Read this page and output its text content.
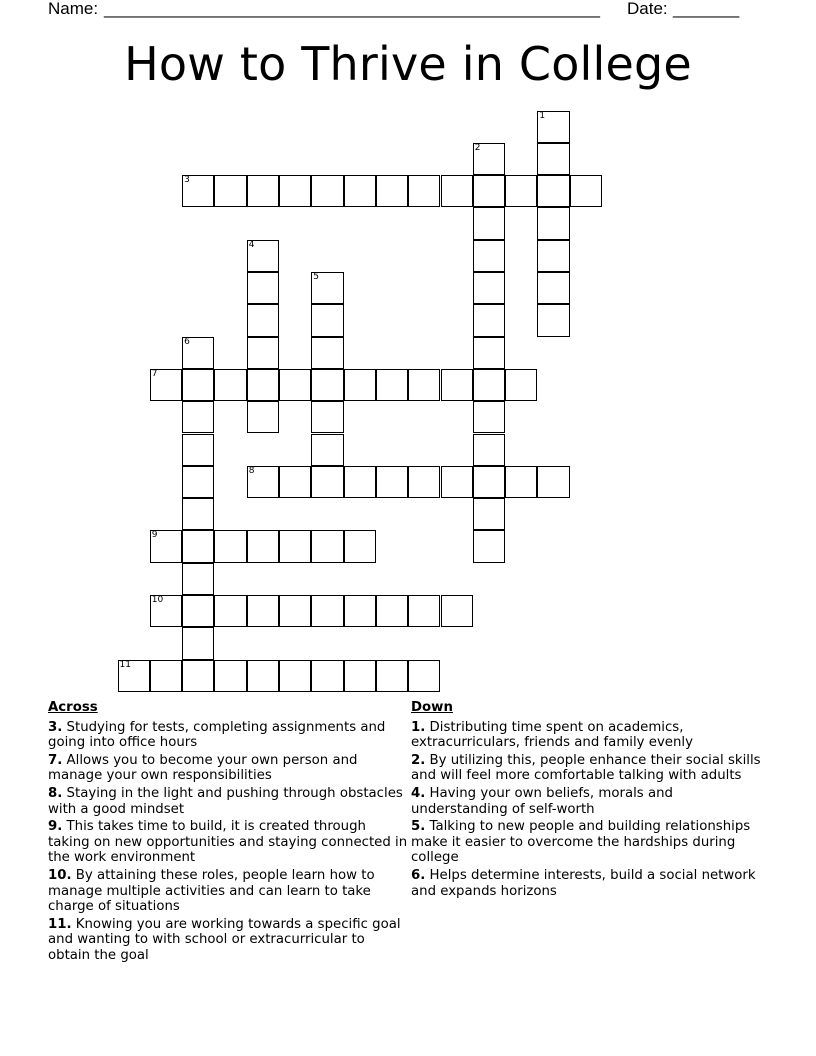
Name: _____________________________________________________ Date: _______
How to Thrive in College
1
2
3
4
5
6
7
8
9
10
11
Across
3. Studying for tests, completing assignments and going into office hours
7. Allows you to become your own person and manage your own responsibilities
8. Staying in the light and pushing through obstacles with a good mindset
9. This takes time to build, it is created through taking on new opportunities and staying connected in the work environment
10. By attaining these roles, people learn how to manage multiple activities and can learn to take charge of situations
11. Knowing you are working towards a specific goal and wanting to with school or extracurricular to obtain the goal
Down
1. Distributing time spent on academics, extracurriculars, friends and family evenly
2. By utilizing this, people enhance their social skills and will feel more comfortable talking with adults
4. Having your own beliefs, morals and understanding of self-worth
5. Talking to new people and building relationships make it easier to overcome the hardships during college
6. Helps determine interests, build a social network and expands horizons
